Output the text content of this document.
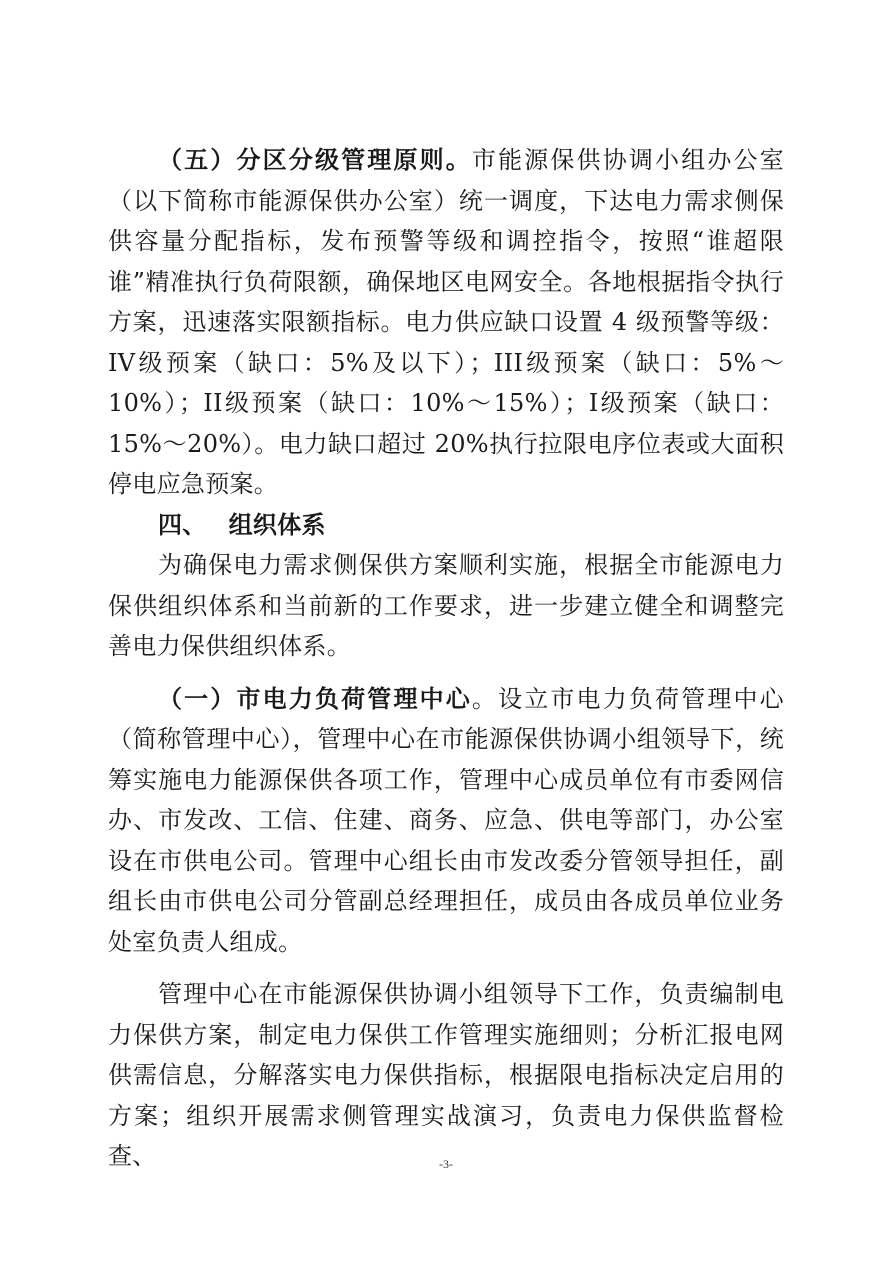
（五）分区分级管理原则。市能源保供协调小组办公室（以下简称市能源保供办公室）统一调度，下达电力需求侧保供容量分配指标，发布预警等级和调控指令，按照“谁超限谁”精准执行负荷限额，确保地区电网安全。各地根据指令执行方案，迅速落实限额指标。电力供应缺口设置 4 级预警等级：IV级预案（缺口：5%及以下）；III级预案（缺口：5%～10%）；II级预案（缺口：10%～15%）；I级预案（缺口：15%～20%）。电力缺口超过 20%执行拉限电序位表或大面积停电应急预案。

四、 组织体系

为确保电力需求侧保供方案顺利实施，根据全市能源电力保供组织体系和当前新的工作要求，进一步建立健全和调整完善电力保供组织体系。

（一）市电力负荷管理中心。设立市电力负荷管理中心（简称管理中心），管理中心在市能源保供协调小组领导下，统筹实施电力能源保供各项工作，管理中心成员单位有市委网信办、市发改、工信、住建、商务、应急、供电等部门，办公室设在市供电公司。管理中心组长由市发改委分管领导担任，副组长由市供电公司分管副总经理担任，成员由各成员单位业务处室负责人组成。

管理中心在市能源保供协调小组领导下工作，负责编制电力保供方案，制定电力保供工作管理实施细则；分析汇报电网供需信息，分解落实电力保供指标，根据限电指标决定启用的方案；组织开展需求侧管理实战演习，负责电力保供监督检查、	-3-
